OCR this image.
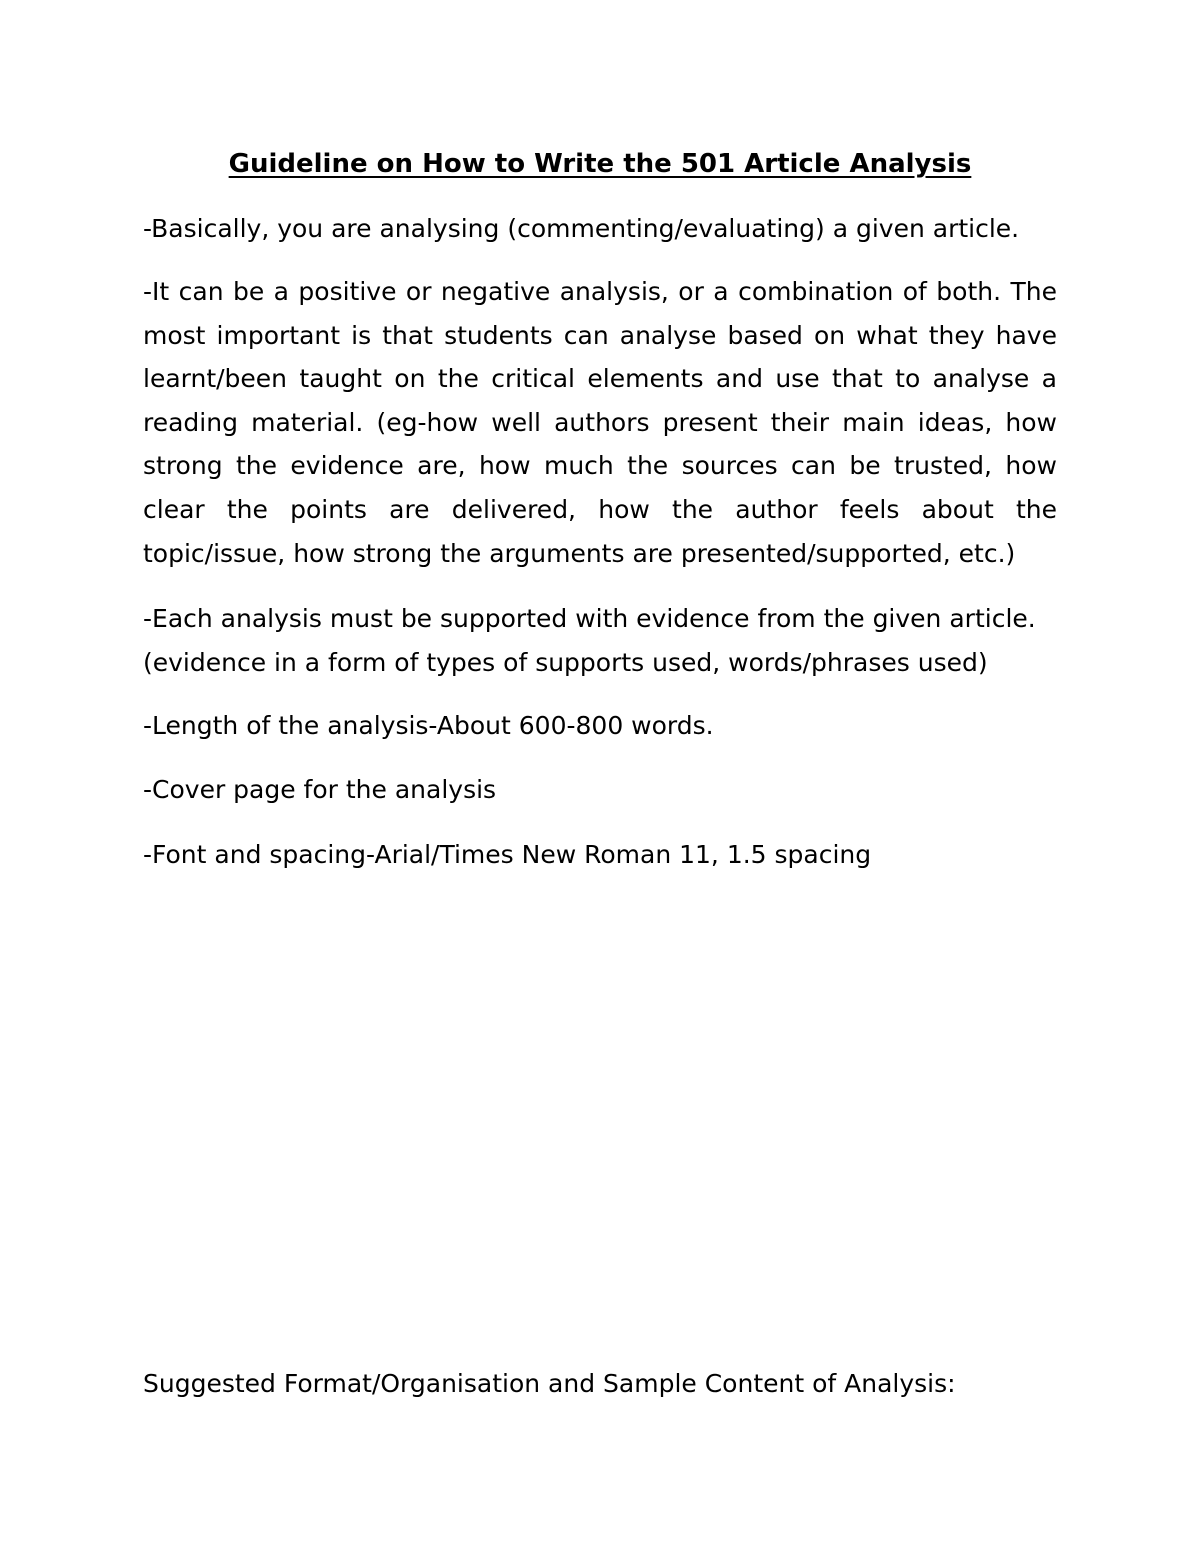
Guideline on How to Write the 501 Article Analysis

-Basically, you are analysing (commenting/evaluating) a given article.

-It can be a positive or negative analysis, or a combination of both. The most important is that students can analyse based on what they have learnt/been taught on the critical elements and use that to analyse a reading material. (eg-how well authors present their main ideas, how strong the evidence are, how much the sources can be trusted, how clear the points are delivered, how the author feels about the topic/issue, how strong the arguments are presented/supported, etc.)

-Each analysis must be supported with evidence from the given article. (evidence in a form of types of supports used, words/phrases used)

-Length of the analysis-About 600-800 words.

-Cover page for the analysis

-Font and spacing-Arial/Times New Roman 11, 1.5 spacing

Suggested Format/Organisation and Sample Content of Analysis:
